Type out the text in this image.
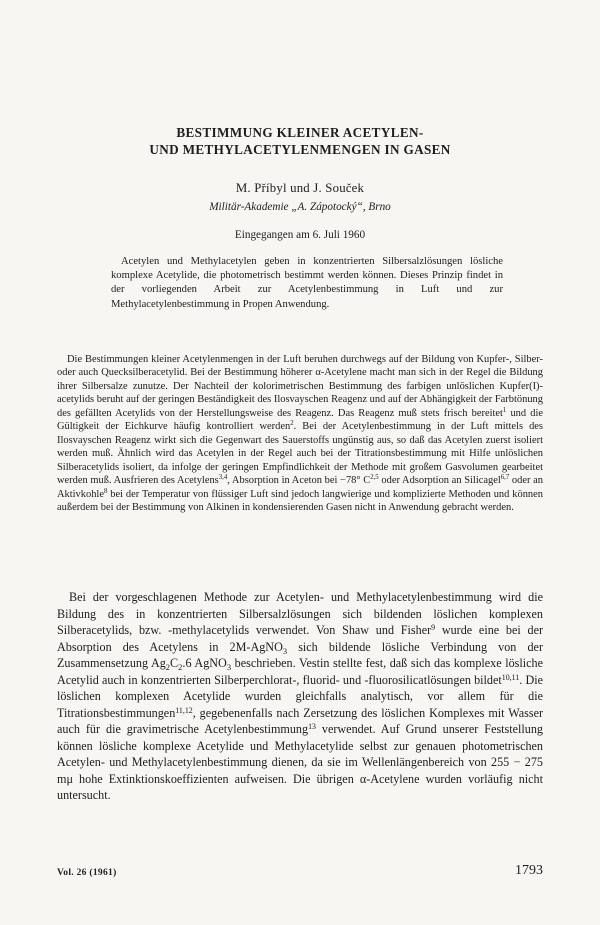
BESTIMMUNG KLEINER ACETYLEN-
UND METHYLACETYLENMENGEN IN GASEN
M. Příbyl und J. Souček
Militär-Akademie „A. Zápotocký“, Brno
Eingegangen am 6. Juli 1960

Acetylen und Methylacetylen geben in konzentrierten Silbersalzlösungen lösliche komplexe Acetylide, die photometrisch bestimmt werden können. Dieses Prinzip findet in der vorliegenden Arbeit zur Acetylenbestimmung in Luft und zur Methylacetylenbestimmung in Propen Anwendung.

Die Bestimmungen kleiner Acetylenmengen in der Luft beruhen durchwegs auf der Bildung von Kupfer-, Silber- oder auch Quecksilberacetylid. Bei der Bestimmung höherer α-Acetylene macht man sich in der Regel die Bildung ihrer Silbersalze zunutze. Der Nachteil der kolorimetrischen Bestimmung des farbigen unlöslichen Kupfer(I)-acetylids beruht auf der geringen Beständigkeit des Ilosvayschen Reagenz und auf der Abhängigkeit der Farbtönung des gefällten Acetylids von der Herstellungsweise des Reagenz. Das Reagenz muß stets frisch bereitet$^1$ und die Gültigkeit der Eichkurve häufig kontrolliert werden$^2$. Bei der Acetylenbestimmung in der Luft mittels des Ilosvayschen Reagenz wirkt sich die Gegenwart des Sauerstoffs ungünstig aus, so daß das Acetylen zuerst isoliert werden muß. Ähnlich wird das Acetylen in der Regel auch bei der Titrationsbestimmung mit Hilfe unlöslichen Silberacetylids isoliert, da infolge der geringen Empfindlichkeit der Methode mit großem Gasvolumen gearbeitet werden muß. Ausfrieren des Acetylens$^{3,4}$, Absorption in Aceton bei −78° C$^{2,5}$ oder Adsorption an Silicagel$^{6,7}$ oder an Aktivkohle$^8$ bei der Temperatur von flüssiger Luft sind jedoch langwierige und komplizierte Methoden und können außerdem bei der Bestimmung von Alkinen in kondensierenden Gasen nicht in Anwendung gebracht werden.

Bei der vorgeschlagenen Methode zur Acetylen- und Methylacetylenbestimmung wird die Bildung des in konzentrierten Silbersalzlösungen sich bildenden löslichen komplexen Silberacetylids, bzw. -methylacetylids verwendet. Von Shaw und Fisher$^9$ wurde eine bei der Absorption des Acetylens in 2M-AgNO$_3$ sich bildende lösliche Verbindung von der Zusammensetzung $Ag_2C_2.6$ AgNO$_3$ beschrieben. Vestin stellte fest, daß sich das komplexe lösliche Acetylid auch in konzentrierten Silberperchlorat-, fluorid- und -fluorosilicatlösungen bildet$^{10,11}$. Die löslichen komplexen Acetylide wurden gleichfalls analytisch, vor allem für die Titrationsbestimmungen$^{11,12}$, gegebenenfalls nach Zersetzung des löslichen Komplexes mit Wasser auch für die gravimetrische Acetylenbestimmung$^{13}$ verwendet. Auf Grund unserer Feststellung können lösliche komplexe Acetylide und Methylacetylide selbst zur genauen photometrischen Acetylen- und Methylacetylenbestimmung dienen, da sie im Wellenlängenbereich von 255 − 275 mμ hohe Extinktionskoeffizienten aufweisen. Die übrigen α-Acetylene wurden vorläufig nicht untersucht.

Vol. 26 (1961)	1793
